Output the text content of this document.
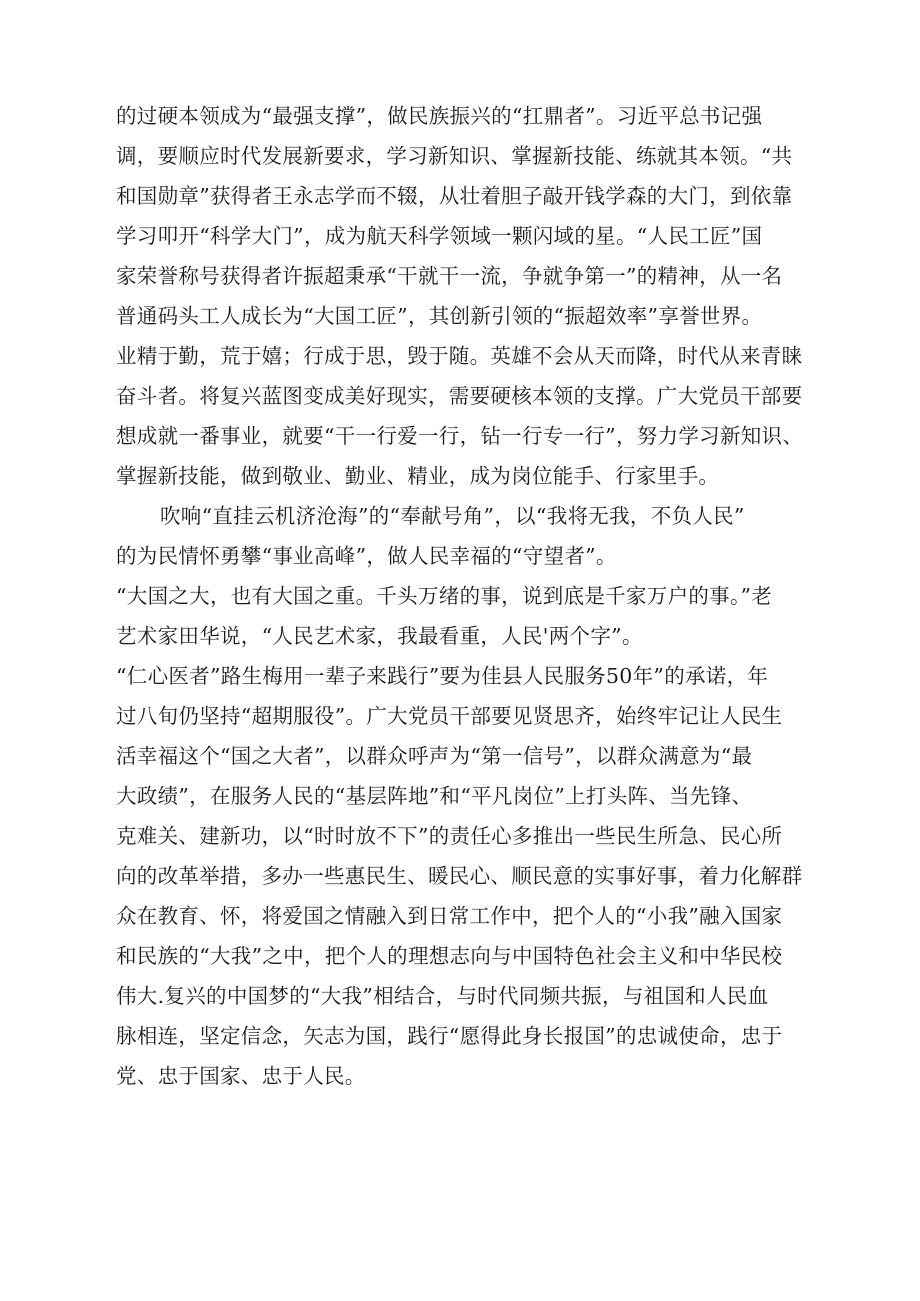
的过硬本领成为“最强支撑”，做民族振兴的“扛鼎者”。习近平总书记强
调，要顺应时代发展新要求，学习新知识、掌握新技能、练就其本领。“共
和国勋章”获得者王永志学而不辍，从壮着胆子敲开钱学森的大门，到依靠
学习叩开“科学大门”，成为航天科学领域一颗闪域的星。“人民工匠”国
家荣誉称号获得者许振超秉承“干就干一流，争就争第一”的精神，从一名
普通码头工人成长为“大国工匠”，其创新引领的“振超效率”享誉世界。
业精于勤，荒于嬉；行成于思，毁于随。英雄不会从天而降，时代从来青睐
奋斗者。将复兴蓝图变成美好现实，需要硬核本领的支撑。广大党员干部要
想成就一番事业，就要“干一行爱一行，钻一行专一行”，努力学习新知识、
掌握新技能，做到敬业、勤业、精业，成为岗位能手、行家里手。
吹响“直挂云机济沧海”的“奉献号角”，以“我将无我，不负人民”
的为民情怀勇攀“事业高峰”，做人民幸福的“守望者”。
“大国之大，也有大国之重。千头万绪的事，说到底是千家万户的事。”老
艺术家田华说，“人民艺术家，我最看重，人民'两个字”。
“仁心医者”路生梅用一辈子来践行”要为佳县人民服务50年”的承诺，年
过八旬仍坚持“超期服役”。广大党员干部要见贤思齐，始终牢记让人民生
活幸福这个“国之大者”，以群众呼声为“第一信号”，以群众满意为“最
大政绩”，在服务人民的“基层阵地”和“平凡岗位”上打头阵、当先锋、
克难关、建新功，以“时时放不下”的责任心多推出一些民生所急、民心所
向的改革举措，多办一些惠民生、暖民心、顺民意的实事好事，着力化解群
众在教育、怀，将爱国之情融入到日常工作中，把个人的“小我”融入国家
和民族的“大我”之中，把个人的理想志向与中国特色社会主义和中华民校
伟大.复兴的中国梦的“大我”相结合，与时代同频共振，与祖国和人民血
脉相连，坚定信念，矢志为国，践行“愿得此身长报国”的忠诚使命，忠于
党、忠于国家、忠于人民。
